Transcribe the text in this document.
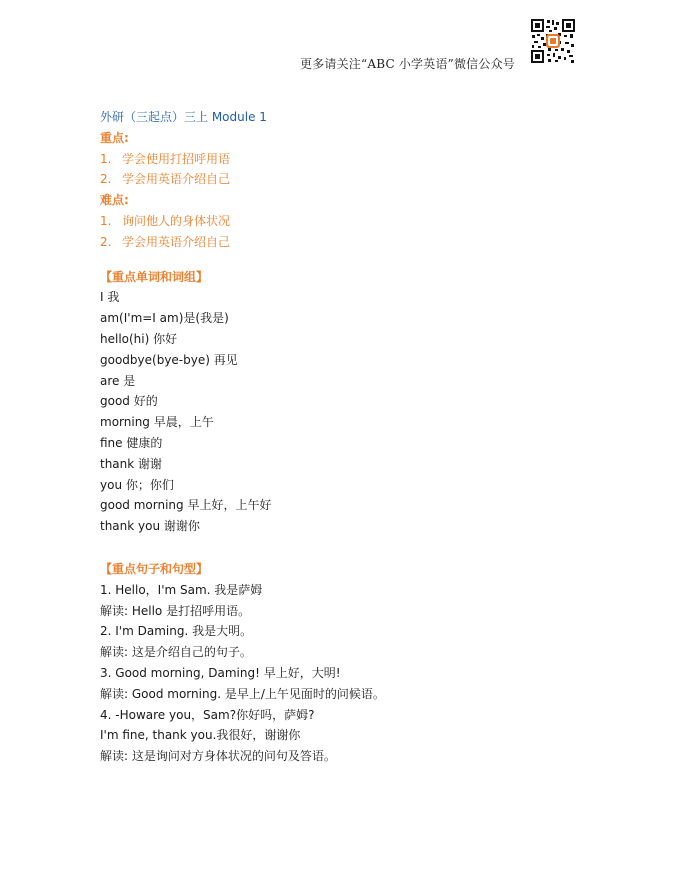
更多请关注“ABC 小学英语”微信公众号
外研（三起点）三上 Module 1
重点:
1. 学会使用打招呼用语
2. 学会用英语介绍自己
难点:
1. 询问他人的身体状况
2. 学会用英语介绍自己
【重点单词和词组】
I 我
am(I'm=I am)是(我是)
hello(hi) 你好
goodbye(bye-bye) 再见
are 是
good 好的
morning 早晨，上午
fine 健康的
thank 谢谢
you 你；你们
good morning 早上好，上午好
thank you 谢谢你
【重点句子和句型】
1. Hello，I'm Sam. 我是萨姆
解读: Hello 是打招呼用语。
2. I'm Daming. 我是大明。
解读: 这是介绍自己的句子。
3. Good morning, Daming! 早上好，大明!
解读: Good morning. 是早上/上午见面时的问候语。
4. -Howare you，Sam?你好吗，萨姆?
I'm fine, thank you.我很好，谢谢你
解读: 这是询问对方身体状况的问句及答语。
